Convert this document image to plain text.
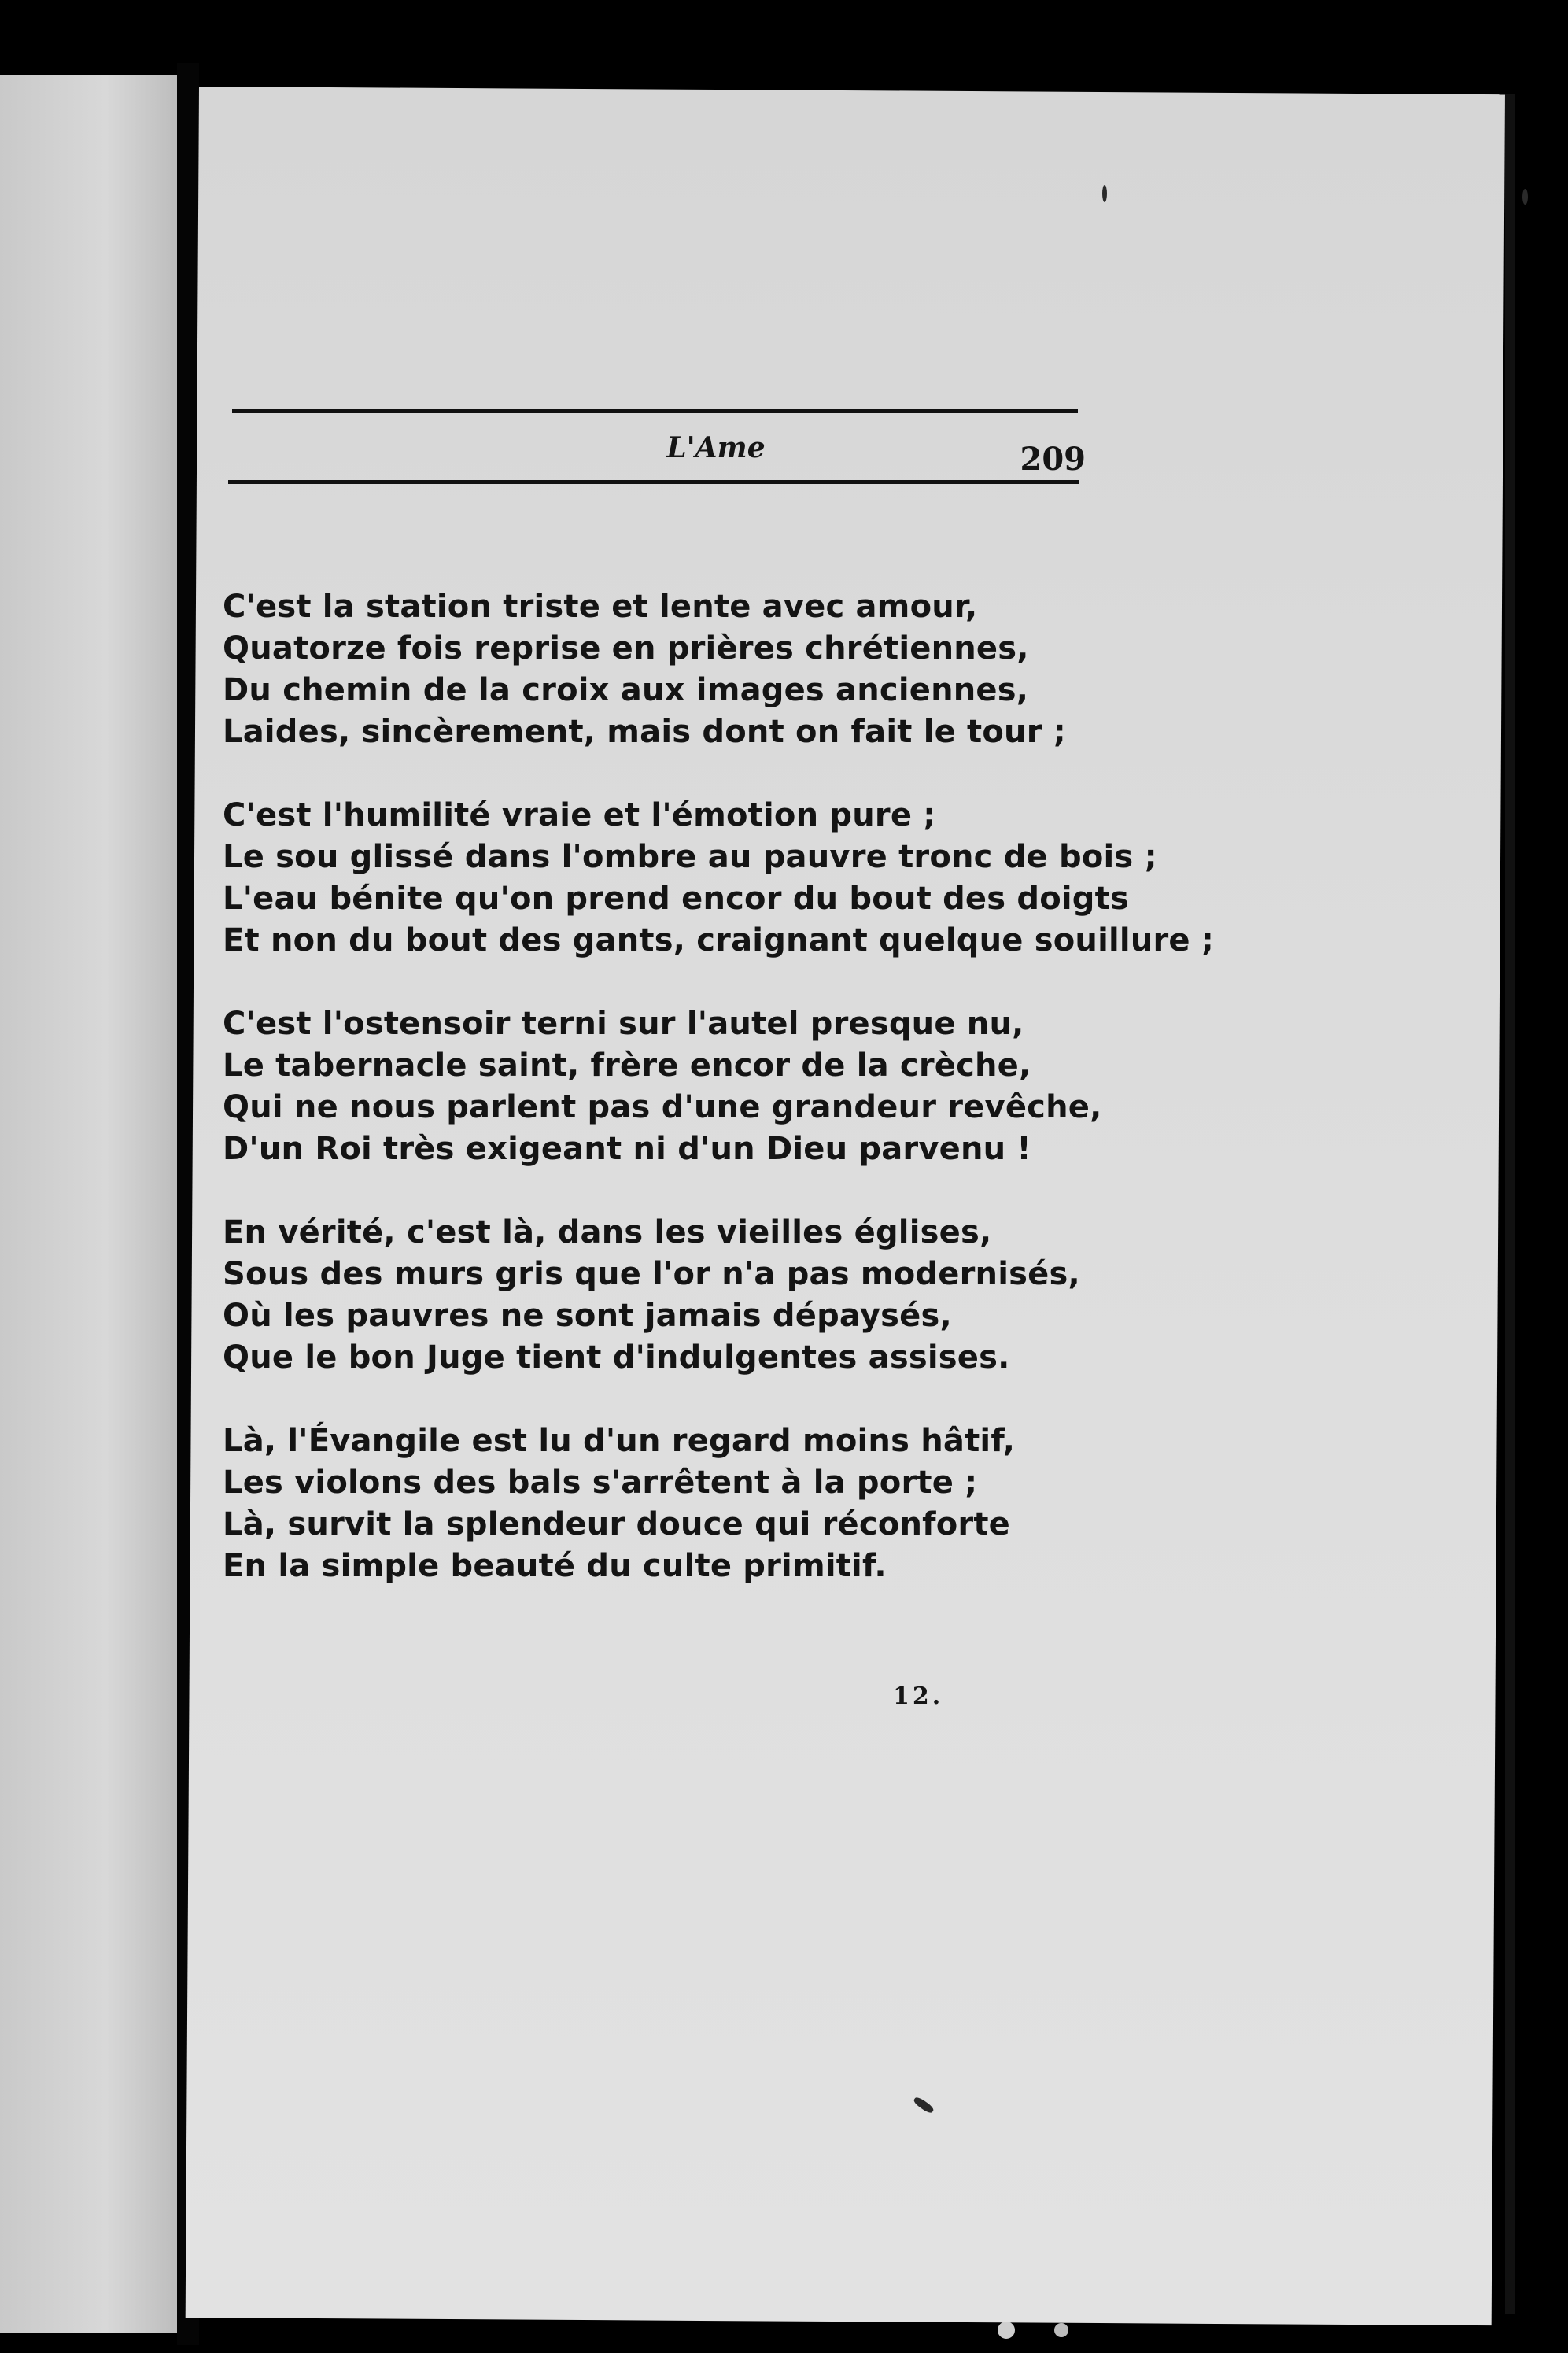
L'Ame	209
C'est la station triste et lente avec amour,
Quatorze fois reprise en prières chrétiennes,
Du chemin de la croix aux images anciennes,
Laides, sincèrement, mais dont on fait le tour ;
C'est l'humilité vraie et l'émotion pure ;
Le sou glissé dans l'ombre au pauvre tronc de bois ;
L'eau bénite qu'on prend encor du bout des doigts
Et non du bout des gants, craignant quelque souillure ;
C'est l'ostensoir terni sur l'autel presque nu,
Le tabernacle saint, frère encor de la crèche,
Qui ne nous parlent pas d'une grandeur revêche,
D'un Roi très exigeant ni d'un Dieu parvenu !
En vérité, c'est là, dans les vieilles églises,
Sous des murs gris que l'or n'a pas modernisés,
Où les pauvres ne sont jamais dépaysés,
Que le bon Juge tient d'indulgentes assises.
Là, l'Évangile est lu d'un regard moins hâtif,
Les violons des bals s'arrêtent à la porte ;
Là, survit la splendeur douce qui réconforte
En la simple beauté du culte primitif.
12.
